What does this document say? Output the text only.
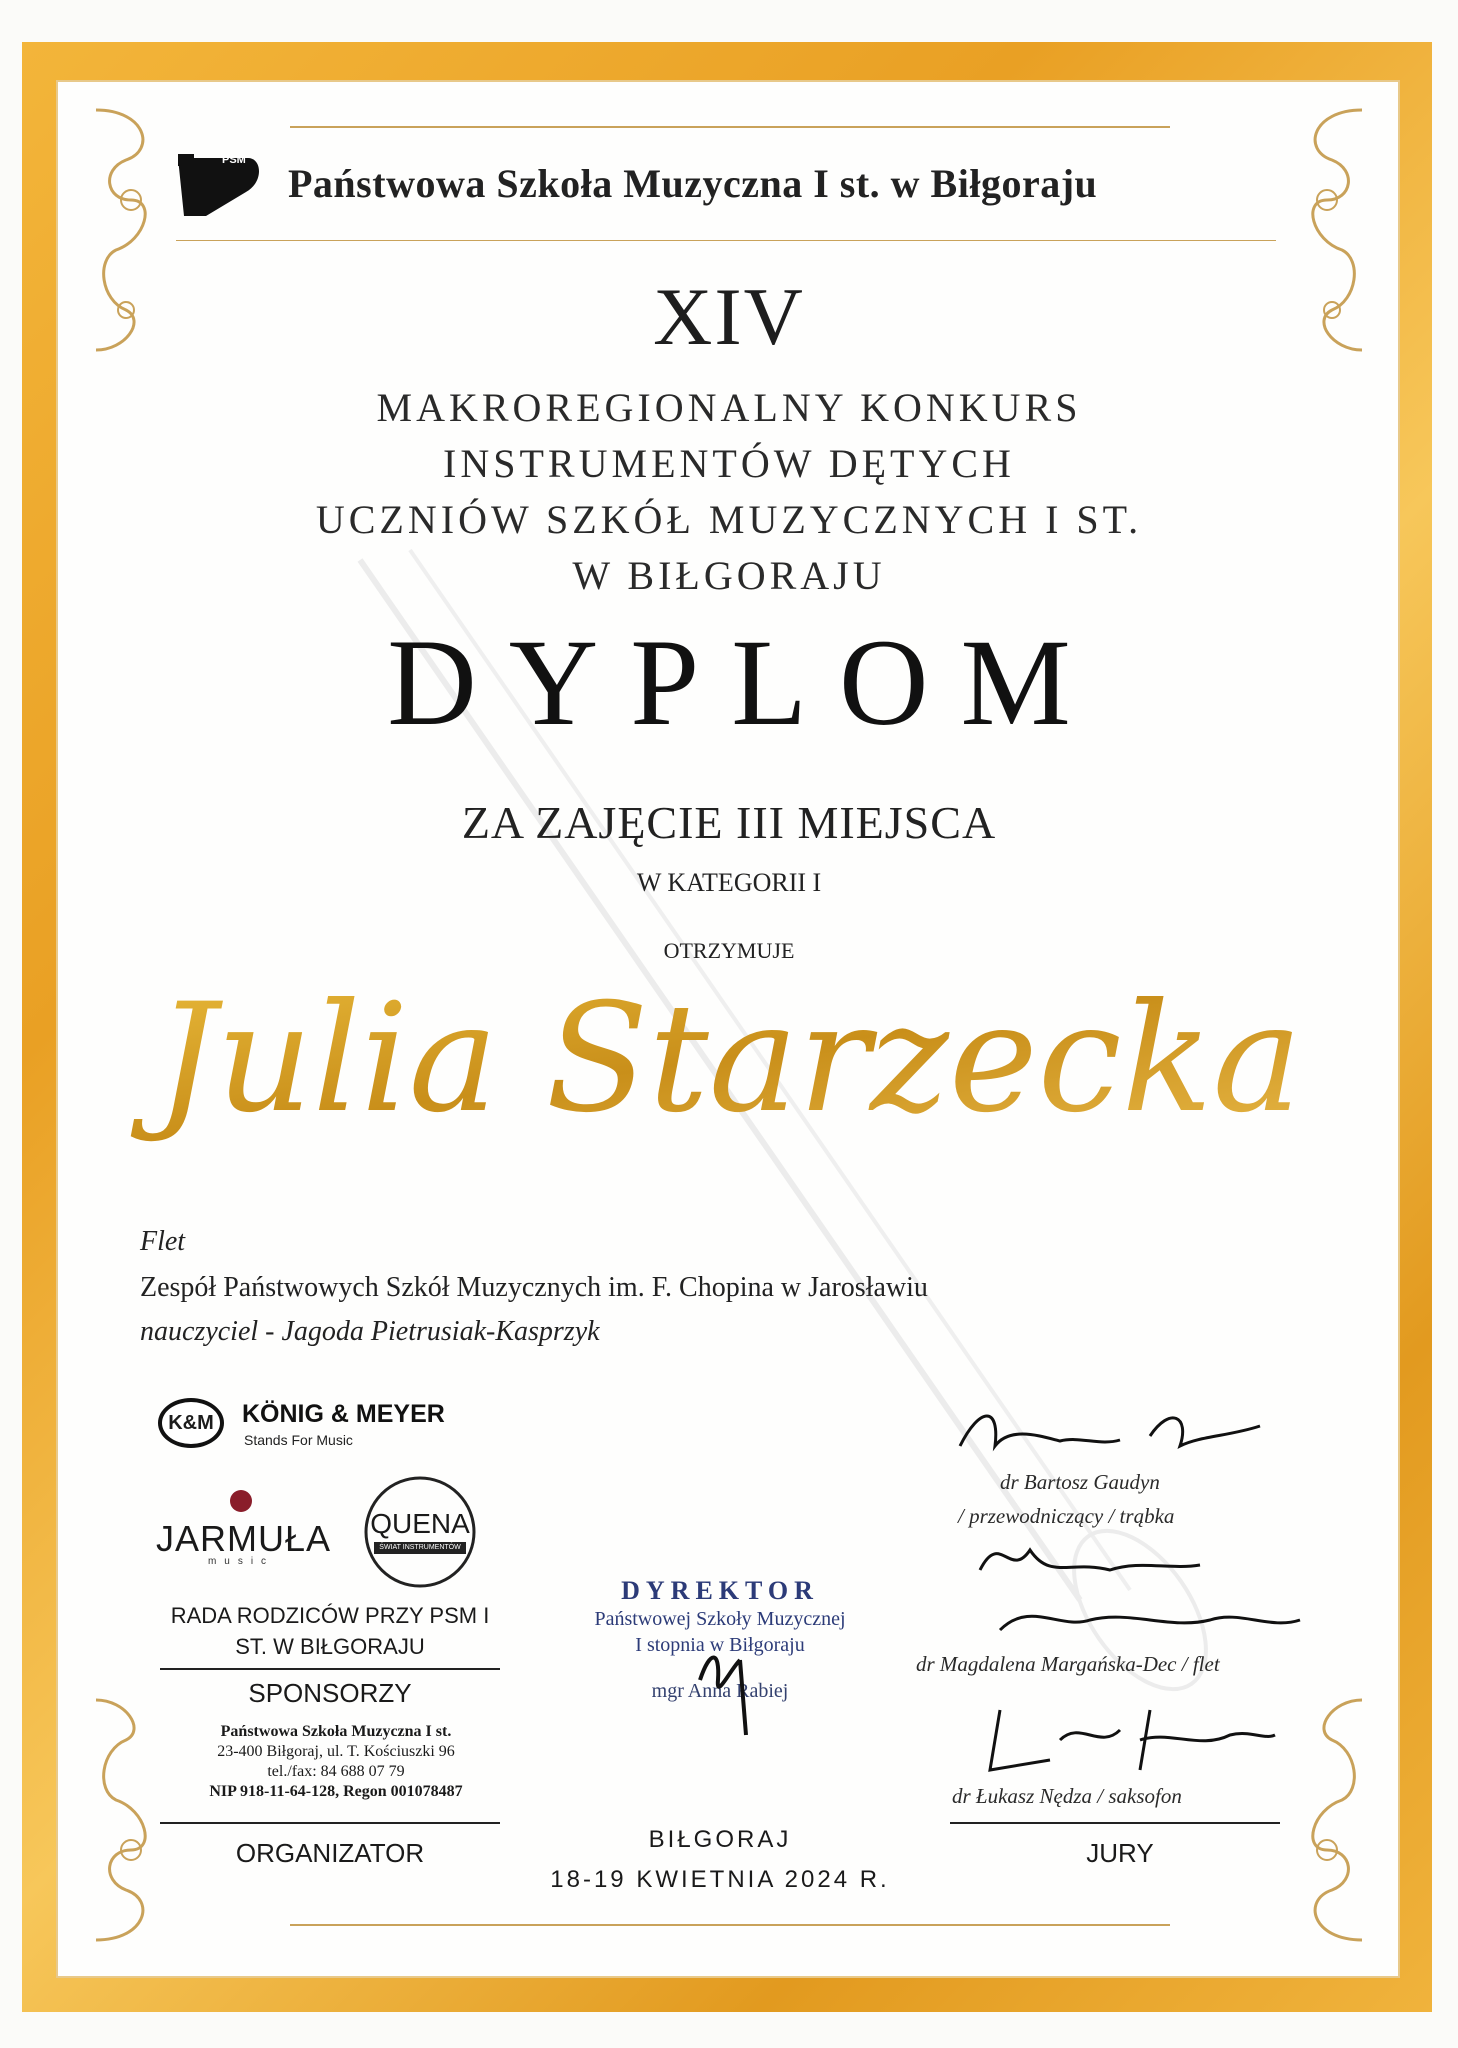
PSM
Państwowa Szkoła Muzyczna I st. w Biłgoraju
XIV
MAKROREGIONALNY KONKURS
INSTRUMENTÓW DĘTYCH
UCZNIÓW SZKÓŁ MUZYCZNYCH I ST.
W BIŁGORAJU
DYPLOM
ZA ZAJĘCIE III MIEJSCA
W KATEGORII I
OTRZYMUJE
Julia Starzecka
Flet
Zespół Państwowych Szkół Muzycznych im. F. Chopina w Jarosławiu
nauczyciel - Jagoda Pietrusiak-Kasprzyk
K&M KÖNIG & MEYER
Stands For Music
JARMUŁA
music
QUENA
ŚWIAT INSTRUMENTÓW
RADA RODZICÓW PRZY PSM I ST. W BIŁGORAJU
SPONSORZY
Państwowa Szkoła Muzyczna I st.
23-400 Biłgoraj, ul. T. Kościuszki 96
tel./fax: 84 688 07 79
NIP 918-11-64-128, Regon 001078487
ORGANIZATOR
DYREKTOR
Państwowej Szkoły Muzycznej
I stopnia w Biłgoraju
mgr Anna Rabiej
BIŁGORAJ
18-19 KWIETNIA 2024 R.
dr Bartosz Gaudyn
/ przewodniczący / trąbka
dr Magdalena Margańska-Dec / flet
dr Łukasz Nędza / saksofon
JURY
